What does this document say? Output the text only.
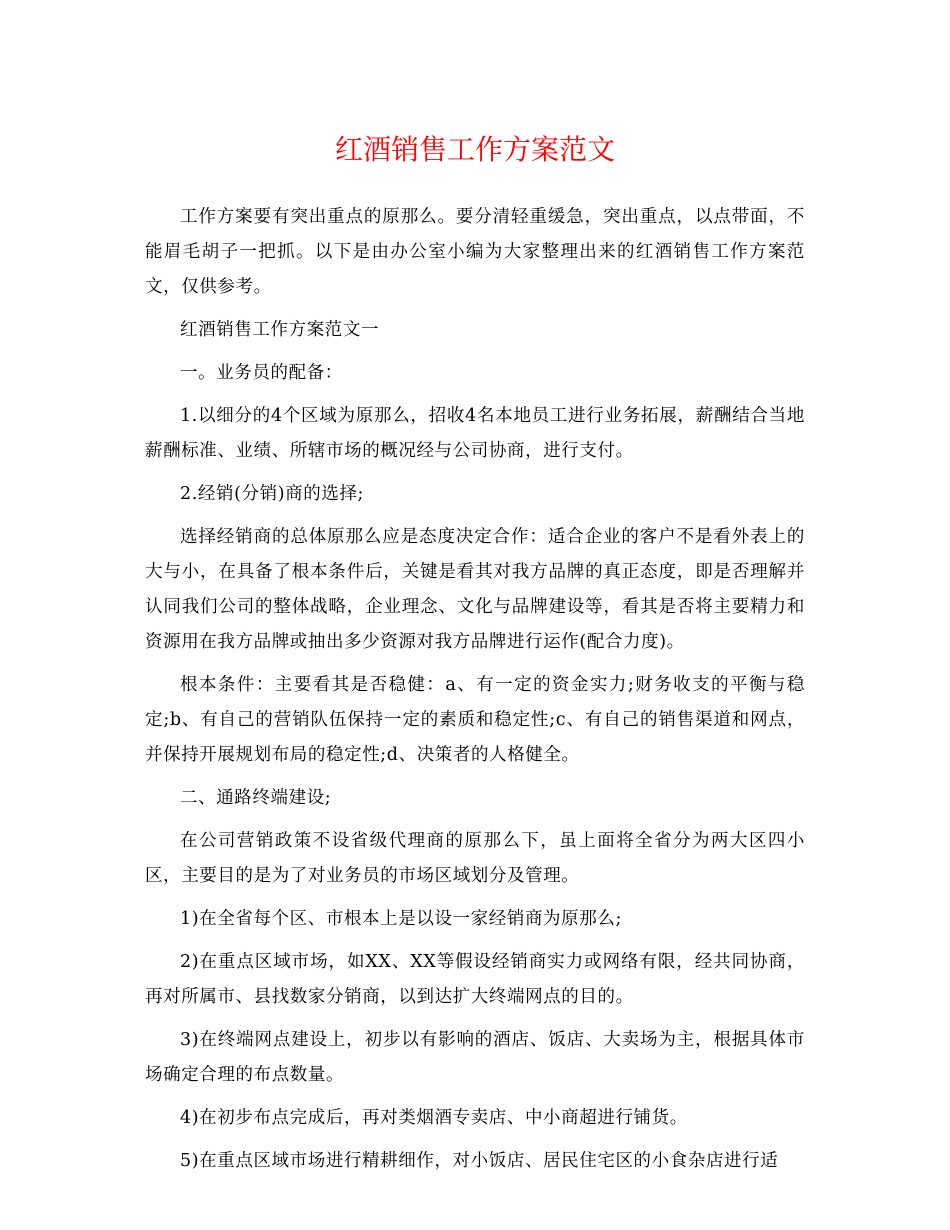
红酒销售工作方案范文

工作方案要有突出重点的原那么。要分清轻重缓急，突出重点，以点带面，不能眉毛胡子一把抓。以下是由办公室小编为大家整理出来的红酒销售工作方案范文，仅供参考。

红酒销售工作方案范文一

一。业务员的配备：

1.以细分的4个区域为原那么，招收4名本地员工进行业务拓展，薪酬结合当地薪酬标准、业绩、所辖市场的概况经与公司协商，进行支付。

2.经销(分销)商的选择;

选择经销商的总体原那么应是态度决定合作：适合企业的客户不是看外表上的大与小，在具备了根本条件后，关键是看其对我方品牌的真正态度，即是否理解并认同我们公司的整体战略，企业理念、文化与品牌建设等，看其是否将主要精力和资源用在我方品牌或抽出多少资源对我方品牌进行运作(配合力度)。

根本条件：主要看其是否稳健：a、有一定的资金实力;财务收支的平衡与稳定;b、有自己的营销队伍保持一定的素质和稳定性;c、有自己的销售渠道和网点，并保持开展规划布局的稳定性;d、决策者的人格健全。

二、通路终端建设;

在公司营销政策不设省级代理商的原那么下，虽上面将全省分为两大区四小区，主要目的是为了对业务员的市场区域划分及管理。

1)在全省每个区、市根本上是以设一家经销商为原那么;

2)在重点区域市场，如XX、XX等假设经销商实力或网络有限，经共同协商，再对所属市、县找数家分销商，以到达扩大终端网点的目的。

3)在终端网点建设上，初步以有影响的酒店、饭店、大卖场为主，根据具体市场确定合理的布点数量。

4)在初步布点完成后，再对类烟酒专卖店、中小商超进行铺货。

5)在重点区域市场进行精耕细作，对小饭店、居民住宅区的小食杂店进行适
